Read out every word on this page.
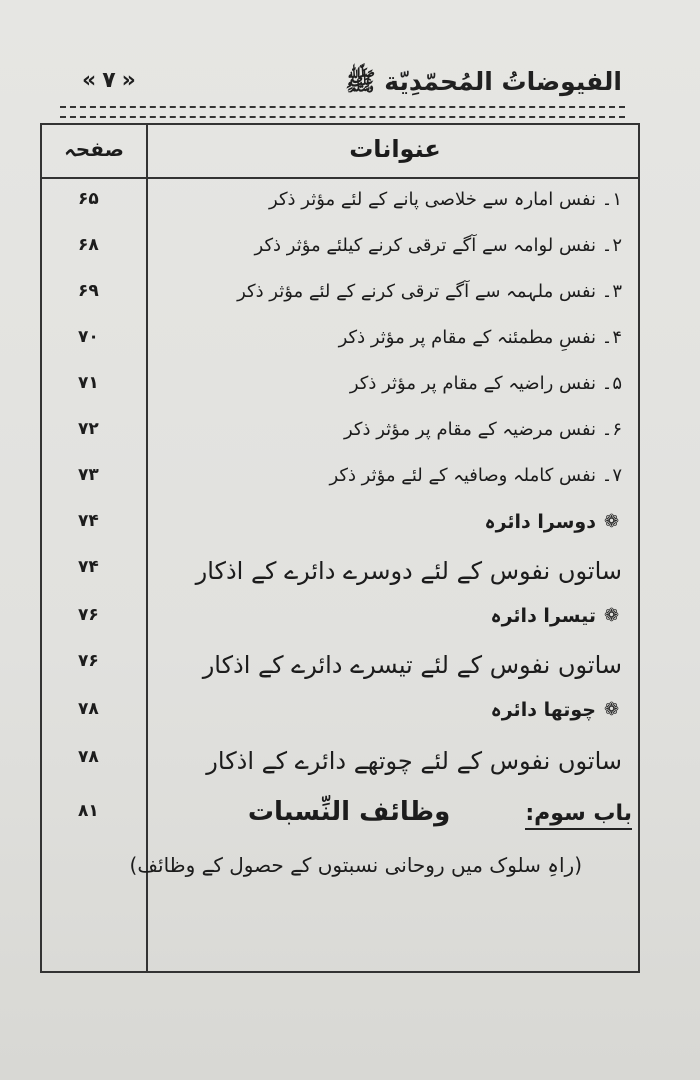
الفيوضاتُ المُحمّدِيّة ﷺ
« ٧ »
عنوانات
صفحہ
۱۔ نفس امارہ سے خلاصی پانے کے لئے مؤثر ذکر
۶۵
۲۔ نفس لوامہ سے آگے ترقی کرنے کیلئے مؤثر ذکر
۶۸
۳۔ نفس ملہمہ سے آگے ترقی کرنے کے لئے مؤثر ذکر
۶۹
۴۔ نفسِ مطمئنہ کے مقام پر مؤثر ذکر
۷۰
۵۔ نفس راضیہ کے مقام پر مؤثر ذکر
۷۱
۶۔ نفس مرضیہ کے مقام پر مؤثر ذکر
۷۲
۷۔ نفس کاملہ وصافیہ کے لئے مؤثر ذکر
۷۳
❁دوسرا دائرہ
۷۴
ساتوں نفوس کے لئے دوسرے دائرے کے اذکار
۷۴
❁تیسرا دائرہ
۷۶
ساتوں نفوس کے لئے تیسرے دائرے کے اذکار
۷۶
❁چوتھا دائرہ
۷۸
ساتوں نفوس کے لئے چوتھے دائرے کے اذکار
۷۸
باب سوم: وظائف النِّسبات
۸۱
(راہِ سلوک میں روحانی نسبتوں کے حصول کے وظائف)
